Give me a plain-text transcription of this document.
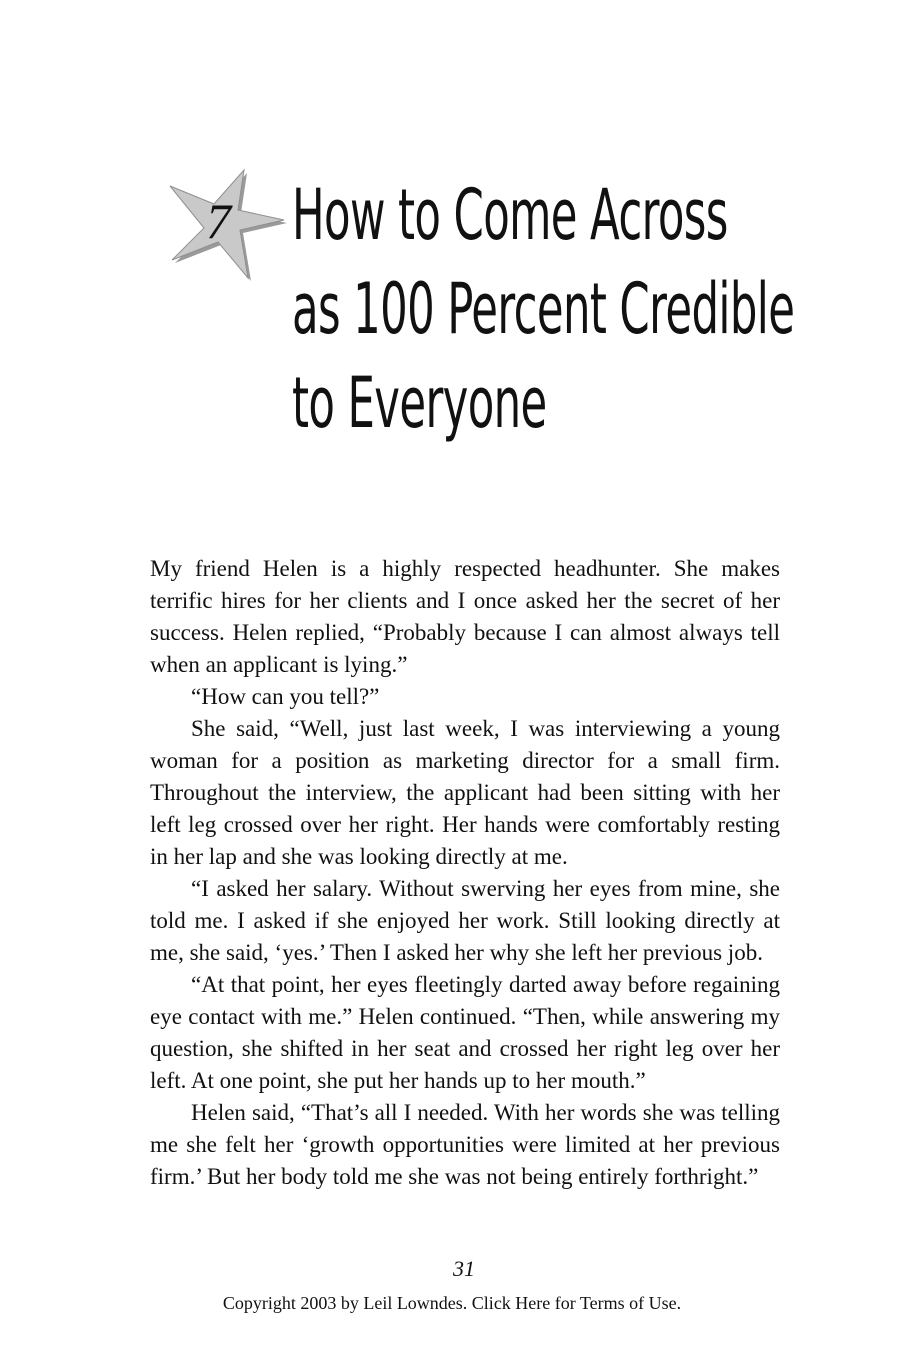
7 How to Come Across
as 100 Percent Credible
to Everyone

My friend Helen is a highly respected headhunter. She makes terrific hires for her clients and I once asked her the secret of her success. Helen replied, “Probably because I can almost always tell when an applicant is lying.”

“How can you tell?”

She said, “Well, just last week, I was interviewing a young woman for a position as marketing director for a small firm. Throughout the interview, the applicant had been sitting with her left leg crossed over her right. Her hands were comfortably resting in her lap and she was looking directly at me.

“I asked her salary. Without swerving her eyes from mine, she told me. I asked if she enjoyed her work. Still looking directly at me, she said, ‘yes.’ Then I asked her why she left her previous job.

“At that point, her eyes fleetingly darted away before regaining eye contact with me.” Helen continued. “Then, while answering my question, she shifted in her seat and crossed her right leg over her left. At one point, she put her hands up to her mouth.”

Helen said, “That’s all I needed. With her words she was telling me she felt her ‘growth opportunities were limited at her previous firm.’ But her body told me she was not being entirely forthright.”

31
Copyright 2003 by Leil Lowndes. Click Here for Terms of Use.
